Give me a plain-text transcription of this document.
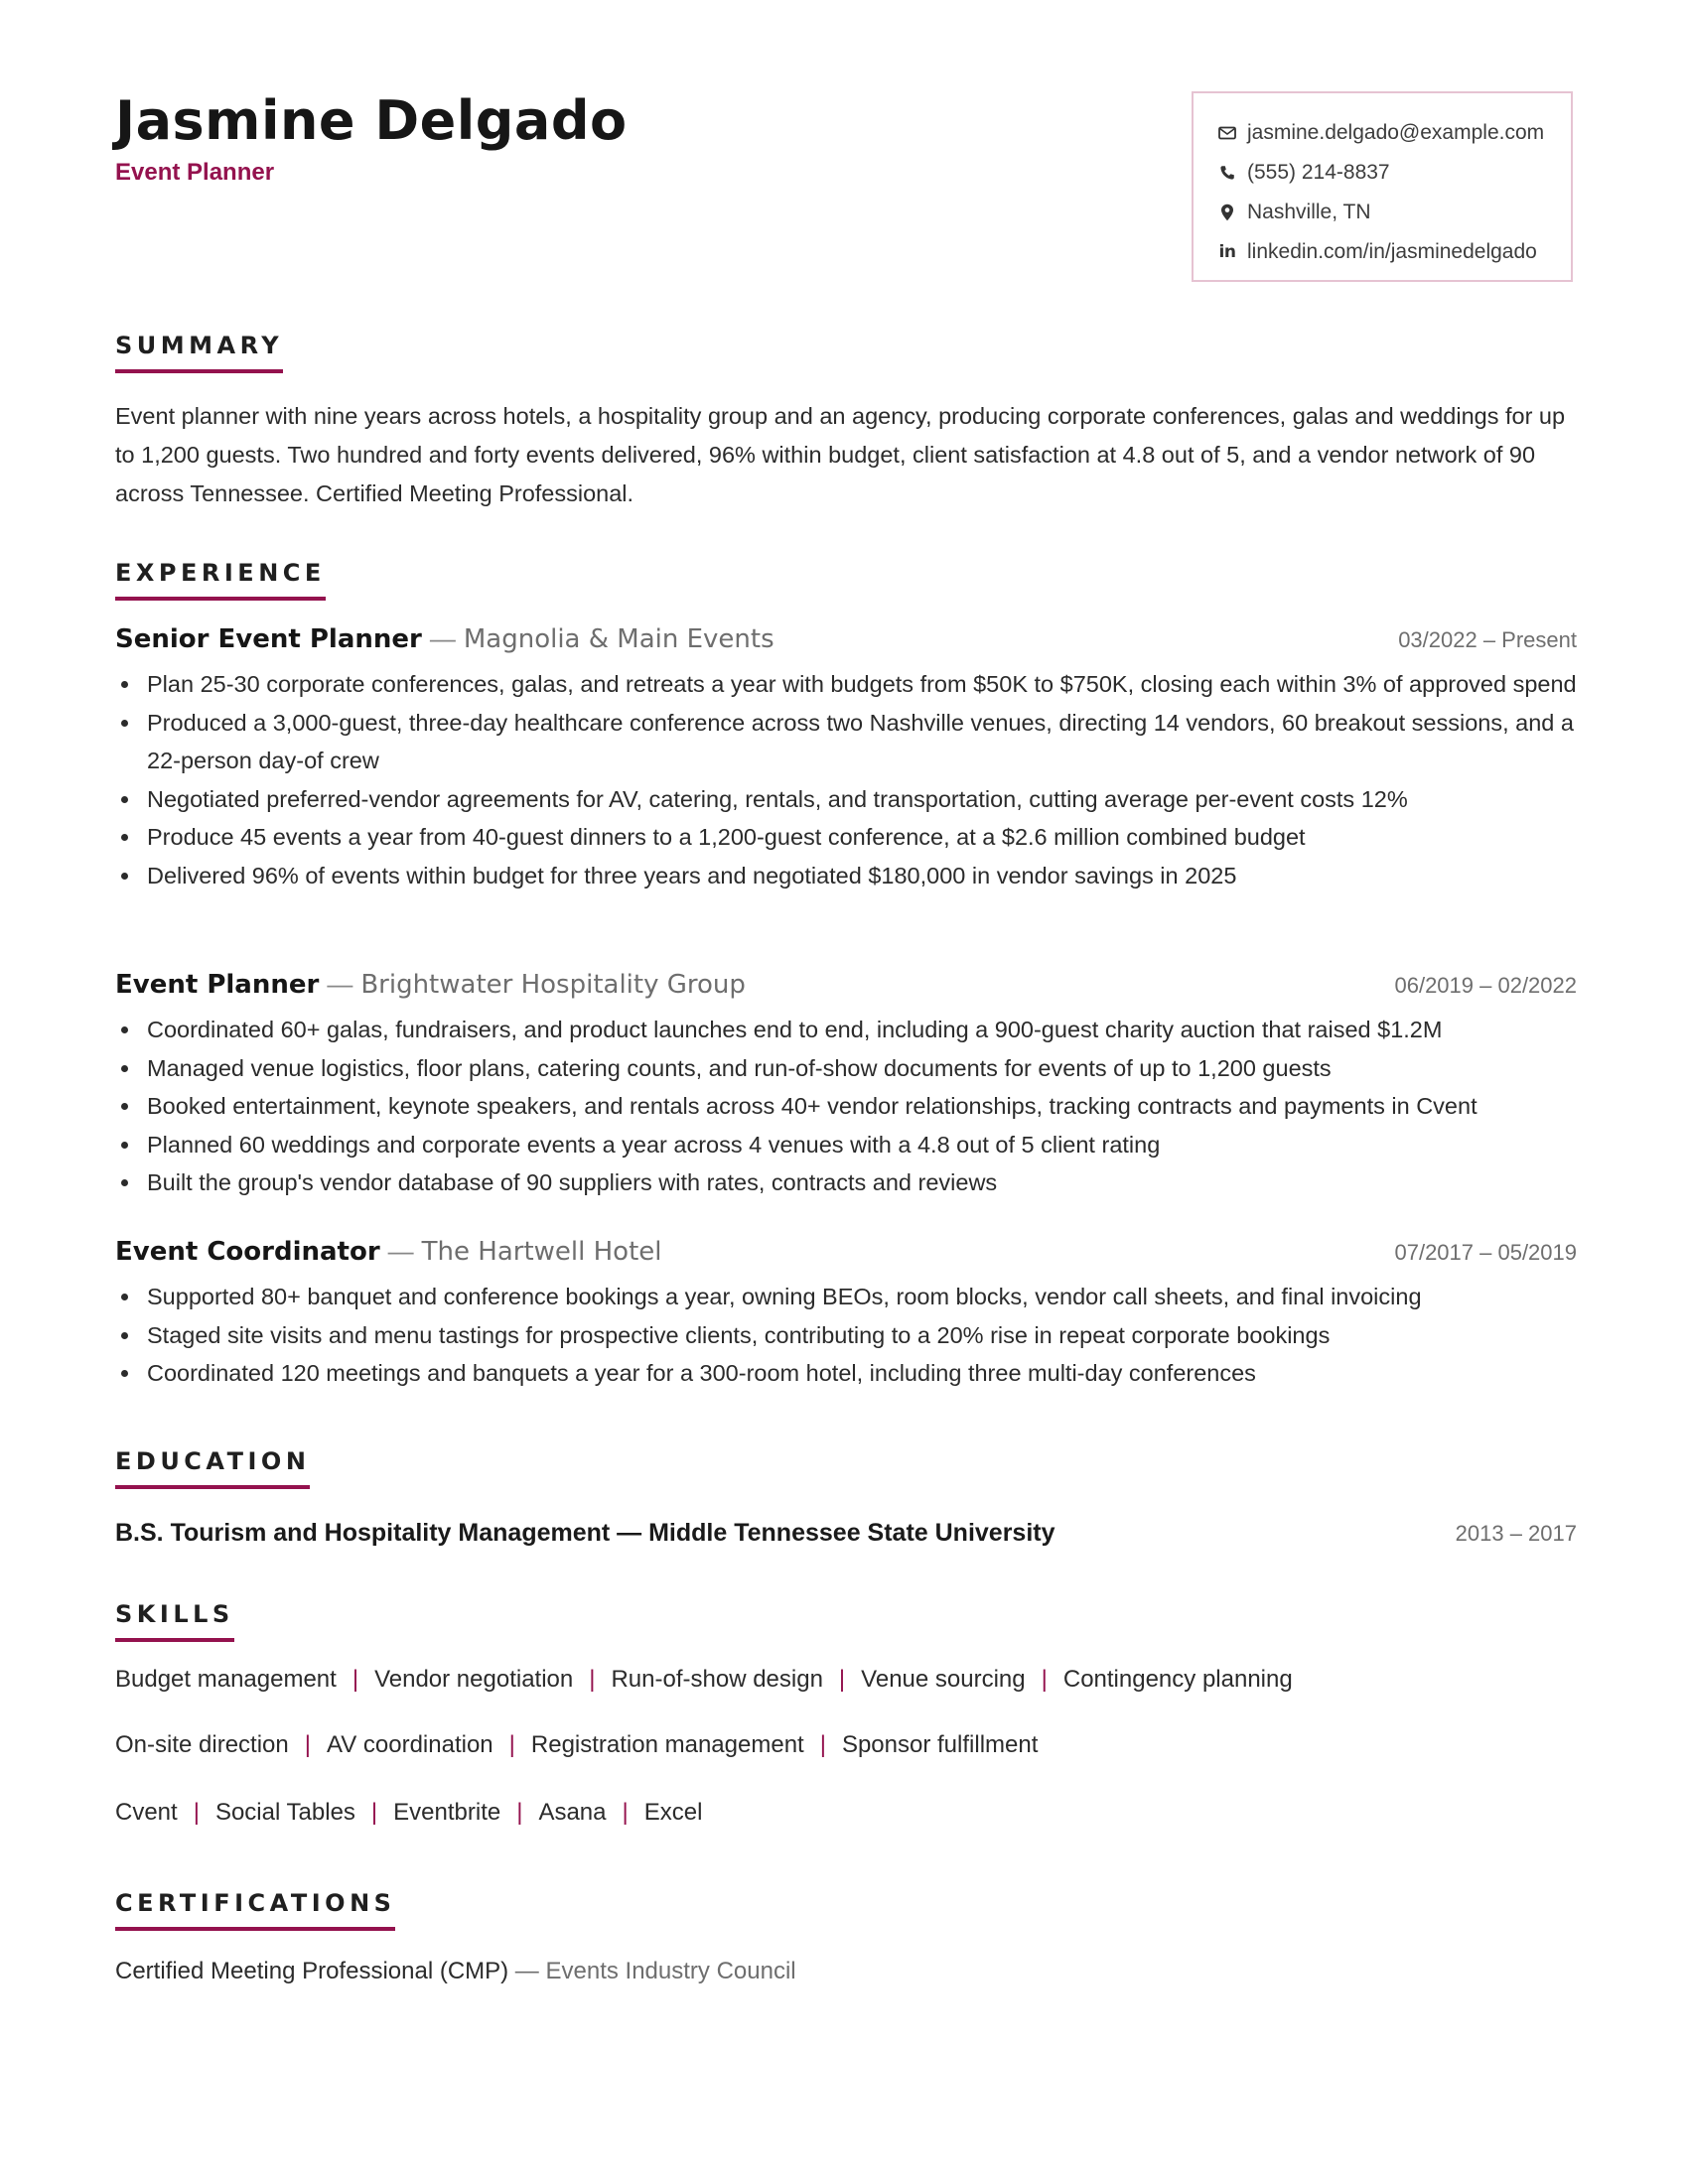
Jasmine Delgado
Event Planner
jasmine.delgado@example.com
(555) 214-8837
Nashville, TN
in linkedin.com/in/jasminedelgado
SUMMARY

Event planner with nine years across hotels, a hospitality group and an agency, producing corporate conferences, galas and weddings for up to 1,200 guests. Two hundred and forty events delivered, 96% within budget, client satisfaction at 4.8 out of 5, and a vendor network of 90 across Tennessee. Certified Meeting Professional.

EXPERIENCE
Senior Event Planner — Magnolia & Main Events	03/2022 – Present
Plan 25-30 corporate conferences, galas, and retreats a year with budgets from $50K to $750K, closing each within 3% of approved spend
Produced a 3,000-guest, three-day healthcare conference across two Nashville venues, directing 14 vendors, 60 breakout sessions, and a 22-person day-of crew
Negotiated preferred-vendor agreements for AV, catering, rentals, and transportation, cutting average per-event costs 12%
Produce 45 events a year from 40-guest dinners to a 1,200-guest conference, at a $2.6 million combined budget
Delivered 96% of events within budget for three years and negotiated $180,000 in vendor savings in 2025
Event Planner — Brightwater Hospitality Group	06/2019 – 02/2022
Coordinated 60+ galas, fundraisers, and product launches end to end, including a 900-guest charity auction that raised $1.2M
Managed venue logistics, floor plans, catering counts, and run-of-show documents for events of up to 1,200 guests
Booked entertainment, keynote speakers, and rentals across 40+ vendor relationships, tracking contracts and payments in Cvent
Planned 60 weddings and corporate events a year across 4 venues with a 4.8 out of 5 client rating
Built the group's vendor database of 90 suppliers with rates, contracts and reviews
Event Coordinator — The Hartwell Hotel	07/2017 – 05/2019
Supported 80+ banquet and conference bookings a year, owning BEOs, room blocks, vendor call sheets, and final invoicing
Staged site visits and menu tastings for prospective clients, contributing to a 20% rise in repeat corporate bookings
Coordinated 120 meetings and banquets a year for a 300-room hotel, including three multi-day conferences
EDUCATION
B.S. Tourism and Hospitality Management — Middle Tennessee State University	2013 – 2017
SKILLS
Budget management | Vendor negotiation | Run-of-show design | Venue sourcing | Contingency planning
On-site direction | AV coordination | Registration management | Sponsor fulfillment
Cvent | Social Tables | Eventbrite | Asana | Excel
CERTIFICATIONS
Certified Meeting Professional (CMP) — Events Industry Council
